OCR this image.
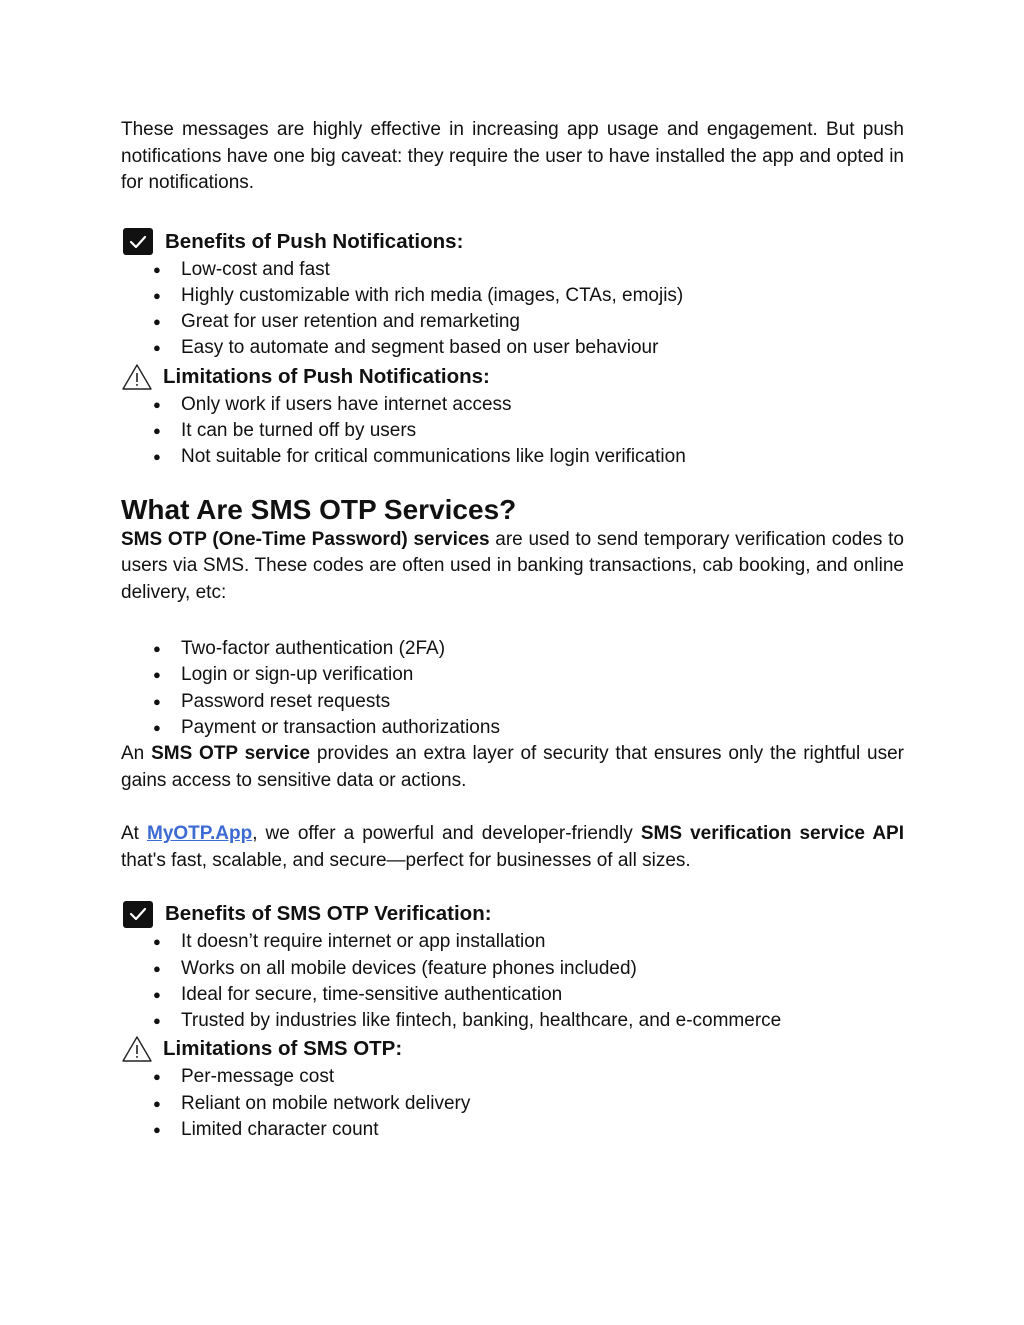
These messages are highly effective in increasing app usage and engagement. But push notifications have one big caveat: they require the user to have installed the app and opted in for notifications.

Benefits of Push Notifications:
● Low-cost and fast
● Highly customizable with rich media (images, CTAs, emojis)
● Great for user retention and remarketing
● Easy to automate and segment based on user behaviour
Limitations of Push Notifications:
● Only work if users have internet access
● It can be turned off by users
● Not suitable for critical communications like login verification
What Are SMS OTP Services?

SMS OTP (One-Time Password) services are used to send temporary verification codes to users via SMS. These codes are often used in banking transactions, cab booking, and online delivery, etc:

● Two-factor authentication (2FA)
● Login or sign-up verification
● Password reset requests
● Payment or transaction authorizations

An SMS OTP service provides an extra layer of security that ensures only the rightful user gains access to sensitive data or actions.

At MyOTP.App, we offer a powerful and developer-friendly SMS verification service API that's fast, scalable, and secure—perfect for businesses of all sizes.

Benefits of SMS OTP Verification:
● It doesn’t require internet or app installation
● Works on all mobile devices (feature phones included)
● Ideal for secure, time-sensitive authentication
● Trusted by industries like fintech, banking, healthcare, and e-commerce
Limitations of SMS OTP:
● Per-message cost
● Reliant on mobile network delivery
● Limited character count
